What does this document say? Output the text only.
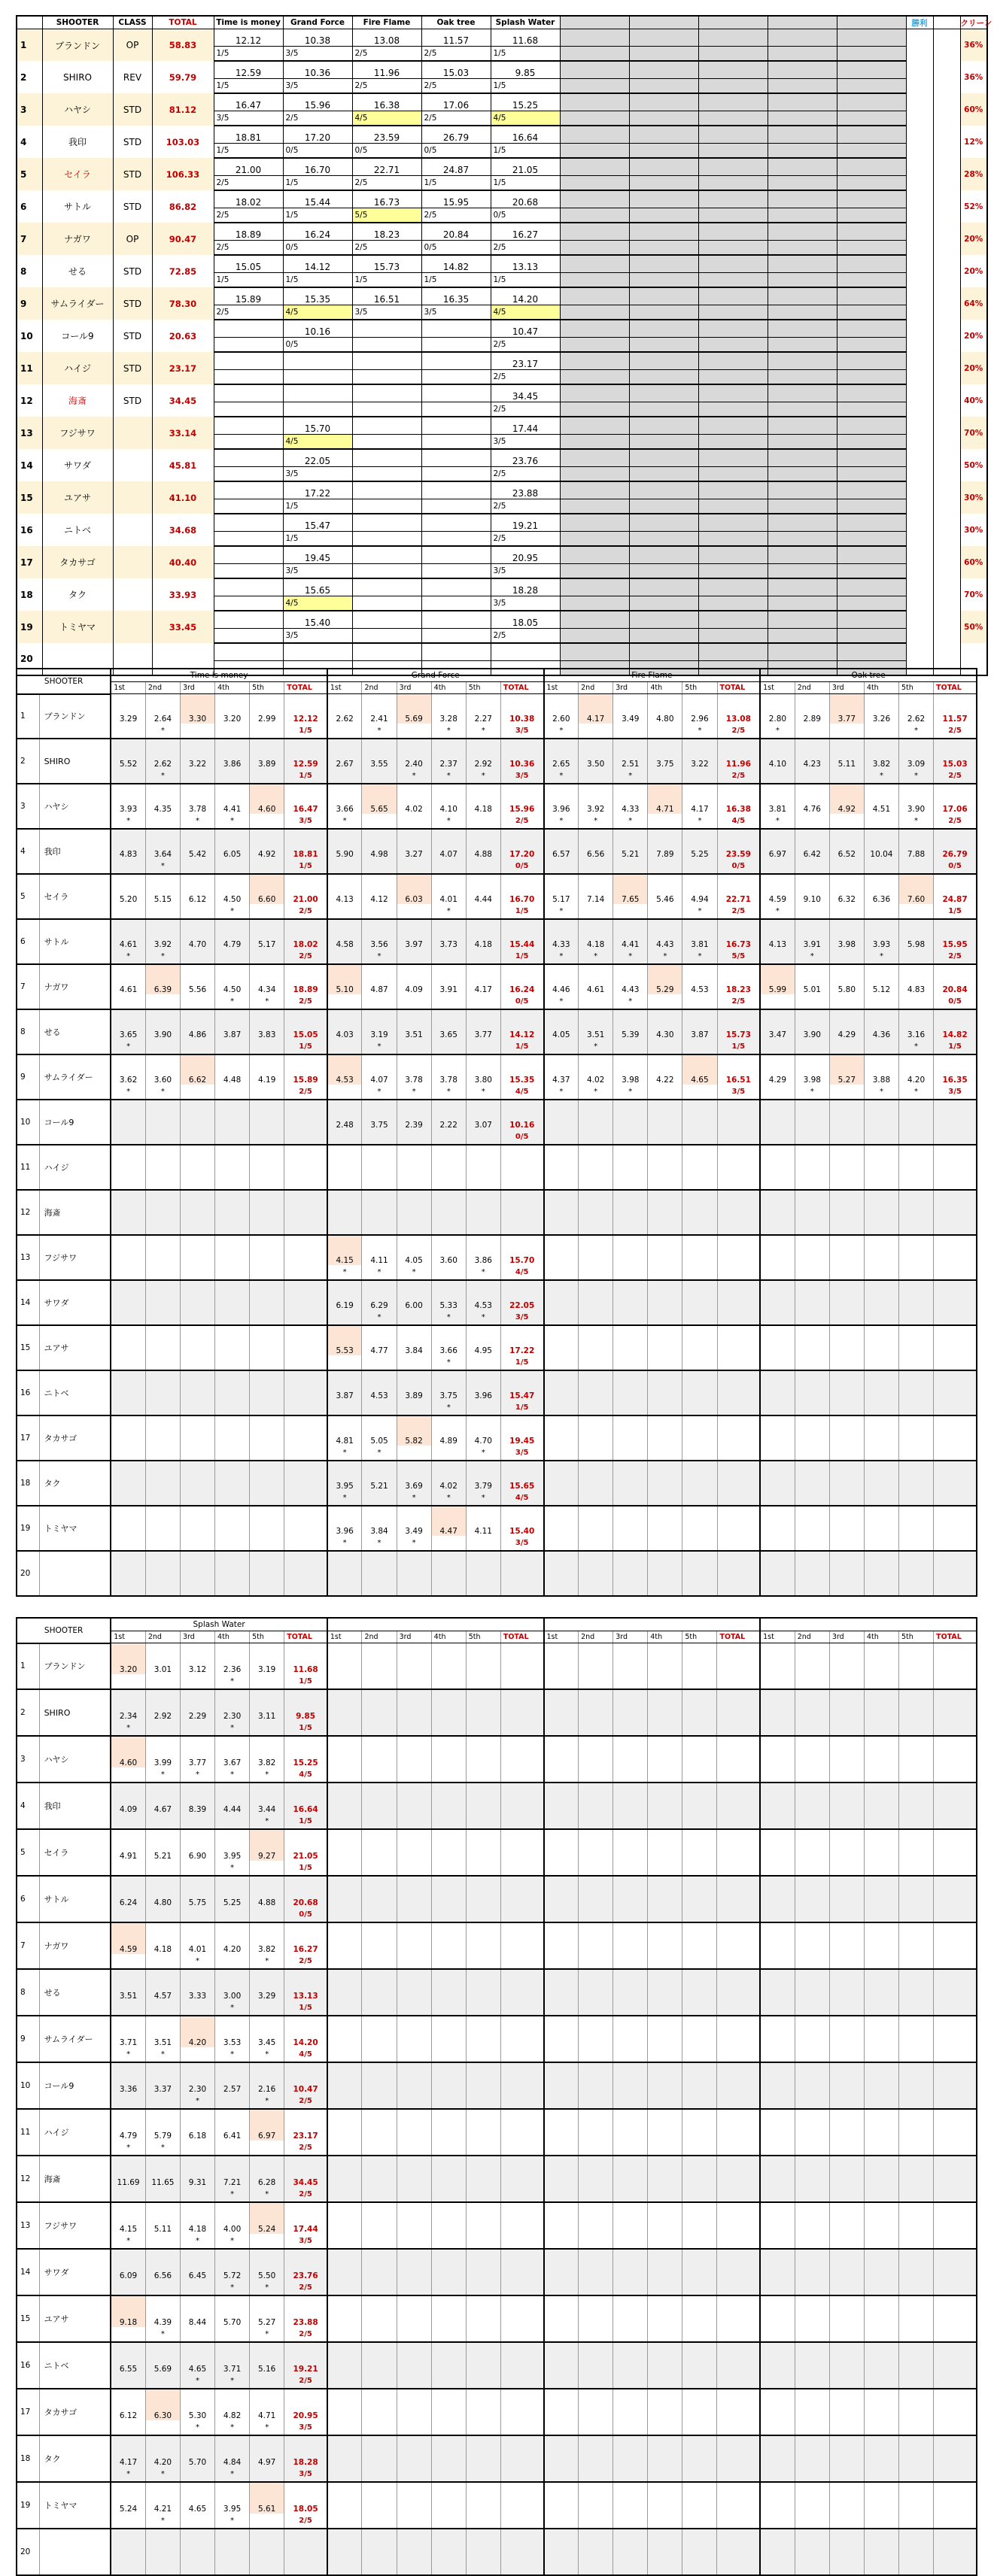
	SHOOTER	CLASS	TOTAL	Time is money	Grand Force	Fire Flame	Oak tree	Splash Water						勝利		クリーン
1	ブランドン	OP	58.83	12.12	10.38	13.08	11.57	11.68								36%
				1/5	3/5	2/5	2/5	1/5								
2	SHIRO	REV	59.79	12.59	10.36	11.96	15.03	9.85								36%
				1/5	3/5	2/5	2/5	1/5								
3	ハヤシ	STD	81.12	16.47	15.96	16.38	17.06	15.25								60%
				3/5	2/5	4/5	2/5	4/5								
4	我印	STD	103.03	18.81	17.20	23.59	26.79	16.64								12%
				1/5	0/5	0/5	0/5	1/5								
5	セイラ	STD	106.33	21.00	16.70	22.71	24.87	21.05								28%
				2/5	1/5	2/5	1/5	1/5								
6	サトル	STD	86.82	18.02	15.44	16.73	15.95	20.68								52%
				2/5	1/5	5/5	2/5	0/5								
7	ナガワ	OP	90.47	18.89	16.24	18.23	20.84	16.27								20%
				2/5	0/5	2/5	0/5	2/5								
8	せる	STD	72.85	15.05	14.12	15.73	14.82	13.13								20%
				1/5	1/5	1/5	1/5	1/5								
9	サムライダー	STD	78.30	15.89	15.35	16.51	16.35	14.20								64%
				2/5	4/5	3/5	3/5	4/5								
10	コール9	STD	20.63		10.16			10.47								20%
					0/5			2/5								
11	ハイジ	STD	23.17					23.17								20%
								2/5								
12	海斎	STD	34.45					34.45								40%
								2/5								
13	フジサワ		33.14		15.70			17.44								70%
					4/5			3/5								
14	サワダ		45.81		22.05			23.76								50%
					3/5			2/5								
15	ユアサ		41.10		17.22			23.88								30%
					1/5			2/5								
16	ニトベ		34.68		15.47			19.21								30%
					1/5			2/5								
17	タカサゴ		40.40		19.45			20.95								60%
					3/5			3/5								
18	タク		33.93		15.65			18.28								70%
					4/5			3/5								
19	トミヤマ		33.45		15.40			18.05								50%
					3/5			2/5								
20																

SHOOTER		Time is money						Grand Force						Fire Flame						Oak tree					
		1st	2nd	3rd	4th	5th	TOTAL	1st	2nd	3rd	4th	5th	TOTAL	1st	2nd	3rd	4th	5th	TOTAL	1st	2nd	3rd	4th	5th	TOTAL
1	ブランドン	3.29	2.64	3.30	3.20	2.99	12.12	2.62	2.41	5.69	3.28	2.27	10.38	2.60	4.17	3.49	4.80	2.96	13.08	2.80	2.89	3.77	3.26	2.62	11.57
			*				1/5		*		*	*	3/5	*				*	2/5	*				*	2/5
2	SHIRO	5.52	2.62	3.22	3.86	3.89	12.59	2.67	3.55	2.40	2.37	2.92	10.36	2.65	3.50	2.51	3.75	3.22	11.96	4.10	4.23	5.11	3.82	3.09	15.03
			*				1/5			*	*	*	3/5	*		*			2/5				*	*	2/5
3	ハヤシ	3.93	4.35	3.78	4.41	4.60	16.47	3.66	5.65	4.02	4.10	4.18	15.96	3.96	3.92	4.33	4.71	4.17	16.38	3.81	4.76	4.92	4.51	3.90	17.06
		*		*	*		3/5	*			*		2/5	*	*	*		*	4/5	*				*	2/5
4	我印	4.83	3.64	5.42	6.05	4.92	18.81	5.90	4.98	3.27	4.07	4.88	17.20	6.57	6.56	5.21	7.89	5.25	23.59	6.97	6.42	6.52	10.04	7.88	26.79
			*				1/5						0/5						0/5						0/5
5	セイラ	5.20	5.15	6.12	4.50	6.60	21.00	4.13	4.12	6.03	4.01	4.44	16.70	5.17	7.14	7.65	5.46	4.94	22.71	4.59	9.10	6.32	6.36	7.60	24.87
					*		2/5				*		1/5	*				*	2/5	*					1/5
6	サトル	4.61	3.92	4.70	4.79	5.17	18.02	4.58	3.56	3.97	3.73	4.18	15.44	4.33	4.18	4.41	4.43	3.81	16.73	4.13	3.91	3.98	3.93	5.98	15.95
		*	*				2/5		*				1/5	*	*	*	*	*	5/5		*		*		2/5
7	ナガワ	4.61	6.39	5.56	4.50	4.34	18.89	5.10	4.87	4.09	3.91	4.17	16.24	4.46	4.61	4.43	5.29	4.53	18.23	5.99	5.01	5.80	5.12	4.83	20.84
					*	*	2/5						0/5	*		*			2/5						0/5
8	せる	3.65	3.90	4.86	3.87	3.83	15.05	4.03	3.19	3.51	3.65	3.77	14.12	4.05	3.51	5.39	4.30	3.87	15.73	3.47	3.90	4.29	4.36	3.16	14.82
		*					1/5		*				1/5		*				1/5					*	1/5
9	サムライダー	3.62	3.60	6.62	4.48	4.19	15.89	4.53	4.07	3.78	3.78	3.80	15.35	4.37	4.02	3.98	4.22	4.65	16.51	4.29	3.98	5.27	3.88	4.20	16.35
		*	*				2/5		*	*	*	*	4/5	*	*	*			3/5		*		*	*	3/5
10	コール9							2.48	3.75	2.39	2.22	3.07	10.16												
													0/5												
11	ハイジ																								

12	海斎																								

13	フジサワ							4.15	4.11	4.05	3.60	3.86	15.70												
								*	*	*		*	4/5												
14	サワダ							6.19	6.29	6.00	5.33	4.53	22.05												
									*		*	*	3/5												
15	ユアサ							5.53	4.77	3.84	3.66	4.95	17.22												
											*		1/5												
16	ニトベ							3.87	4.53	3.89	3.75	3.96	15.47												
											*		1/5												
17	タカサゴ							4.81	5.05	5.82	4.89	4.70	19.45												
								*	*			*	3/5												
18	タク							3.95	5.21	3.69	4.02	3.79	15.65												
								*		*	*	*	4/5												
19	トミヤマ							3.96	3.84	3.49	4.47	4.11	15.40												
								*	*	*			3/5												
20																									

SHOOTER		Splash Water																							
		1st	2nd	3rd	4th	5th	TOTAL	1st	2nd	3rd	4th	5th	TOTAL	1st	2nd	3rd	4th	5th	TOTAL	1st	2nd	3rd	4th	5th	TOTAL
1	ブランドン	3.20	3.01	3.12	2.36	3.19	11.68																		
					*		1/5																		
2	SHIRO	2.34	2.92	2.29	2.30	3.11	9.85																		
		*			*		1/5																		
3	ハヤシ	4.60	3.99	3.77	3.67	3.82	15.25																		
			*	*	*	*	4/5																		
4	我印	4.09	4.67	8.39	4.44	3.44	16.64																		
						*	1/5																		
5	セイラ	4.91	5.21	6.90	3.95	9.27	21.05																		
					*		1/5																		
6	サトル	6.24	4.80	5.75	5.25	4.88	20.68																		
							0/5																		
7	ナガワ	4.59	4.18	4.01	4.20	3.82	16.27																		
				*		*	2/5																		
8	せる	3.51	4.57	3.33	3.00	3.29	13.13																		
					*		1/5																		
9	サムライダー	3.71	3.51	4.20	3.53	3.45	14.20																		
		*	*		*	*	4/5																		
10	コール9	3.36	3.37	2.30	2.57	2.16	10.47																		
				*		*	2/5																		
11	ハイジ	4.79	5.79	6.18	6.41	6.97	23.17																		
		*	*				2/5																		
12	海斎	11.69	11.65	9.31	7.21	6.28	34.45																		
					*	*	2/5																		
13	フジサワ	4.15	5.11	4.18	4.00	5.24	17.44																		
		*		*	*		3/5																		
14	サワダ	6.09	6.56	6.45	5.72	5.50	23.76																		
					*	*	2/5																		
15	ユアサ	9.18	4.39	8.44	5.70	5.27	23.88																		
			*			*	2/5																		
16	ニトベ	6.55	5.69	4.65	3.71	5.16	19.21																		
				*	*		2/5																		
17	タカサゴ	6.12	6.30	5.30	4.82	4.71	20.95																		
				*	*	*	3/5																		
18	タク	4.17	4.20	5.70	4.84	4.97	18.28																		
		*	*		*		3/5																		
19	トミヤマ	5.24	4.21	4.65	3.95	5.61	18.05																		
			*		*		2/5																		
20																									
